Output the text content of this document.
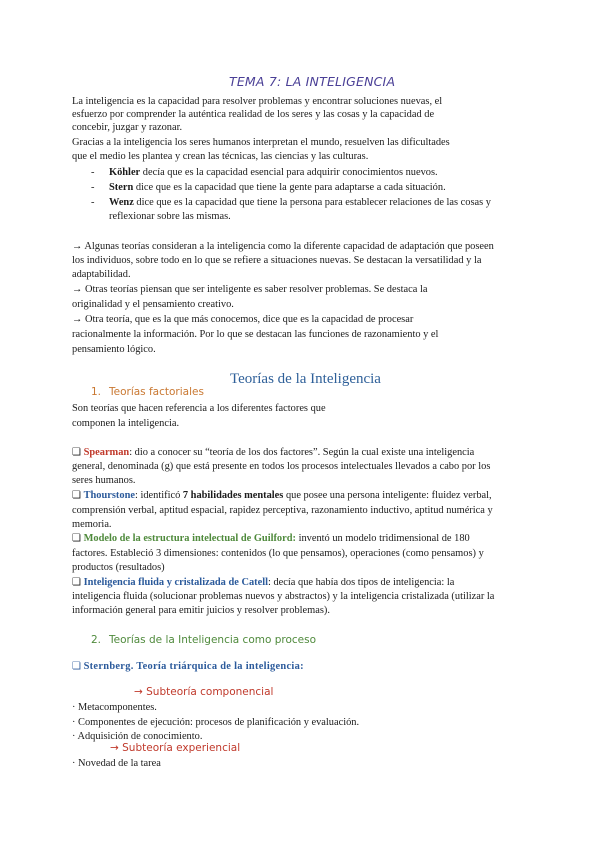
TEMA 7: LA INTELIGENCIA
La inteligencia es la capacidad para resolver problemas y encontrar soluciones nuevas, el
esfuerzo por comprender la auténtica realidad de los seres y las cosas y la capacidad de
concebir, juzgar y razonar.
Gracias a la inteligencia los seres humanos interpretan el mundo, resuelven las dificultades
que el medio les plantea y crean las técnicas, las ciencias y las culturas.
- Köhler decía que es la capacidad esencial para adquirir conocimientos nuevos.
- Stern dice que es la capacidad que tiene la gente para adaptarse a cada situación.
- Wenz dice que es la capacidad que tiene la persona para establecer relaciones de las cosas y
reflexionar sobre las mismas.
→ Algunas teorías consideran a la inteligencia como la diferente capacidad de adaptación que poseen
los individuos, sobre todo en lo que se refiere a situaciones nuevas. Se destacan la versatilidad y la
adaptabilidad.
→ Otras teorías piensan que ser inteligente es saber resolver problemas. Se destaca la
originalidad y el pensamiento creativo.
→ Otra teoría, que es la que más conocemos, dice que es la capacidad de procesar
racionalmente la información. Por lo que se destacan las funciones de razonamiento y el
pensamiento lógico.
Teorías de la Inteligencia
1. Teorías factoriales
Son teorías que hacen referencia a los diferentes factores que
componen la inteligencia.
❏ Spearman: dio a conocer su “teoría de los dos factores”. Según la cual existe una inteligencia
general, denominada (g) que está presente en todos los procesos intelectuales llevados a cabo por los
seres humanos.
❏ Thourstone: identificó 7 habilidades mentales que posee una persona inteligente: fluidez verbal,
comprensión verbal, aptitud espacial, rapidez perceptiva, razonamiento inductivo, aptitud numérica y
memoria.
❏ Modelo de la estructura intelectual de Guilford: inventó un modelo tridimensional de 180
factores. Estableció 3 dimensiones: contenidos (lo que pensamos), operaciones (como pensamos) y
productos (resultados)
❏ Inteligencia fluida y cristalizada de Catell: decía que había dos tipos de inteligencia: la
inteligencia fluida (solucionar problemas nuevos y abstractos) y la inteligencia cristalizada (utilizar la
información general para emitir juicios y resolver problemas).
2. Teorías de la Inteligencia como proceso
❏ Sternberg. Teoría triárquica de la inteligencia:
→ Subteoría componencial
· Metacomponentes.
· Componentes de ejecución: procesos de planificación y evaluación.
· Adquisición de conocimiento.
→ Subteoría experiencial
· Novedad de la tarea
